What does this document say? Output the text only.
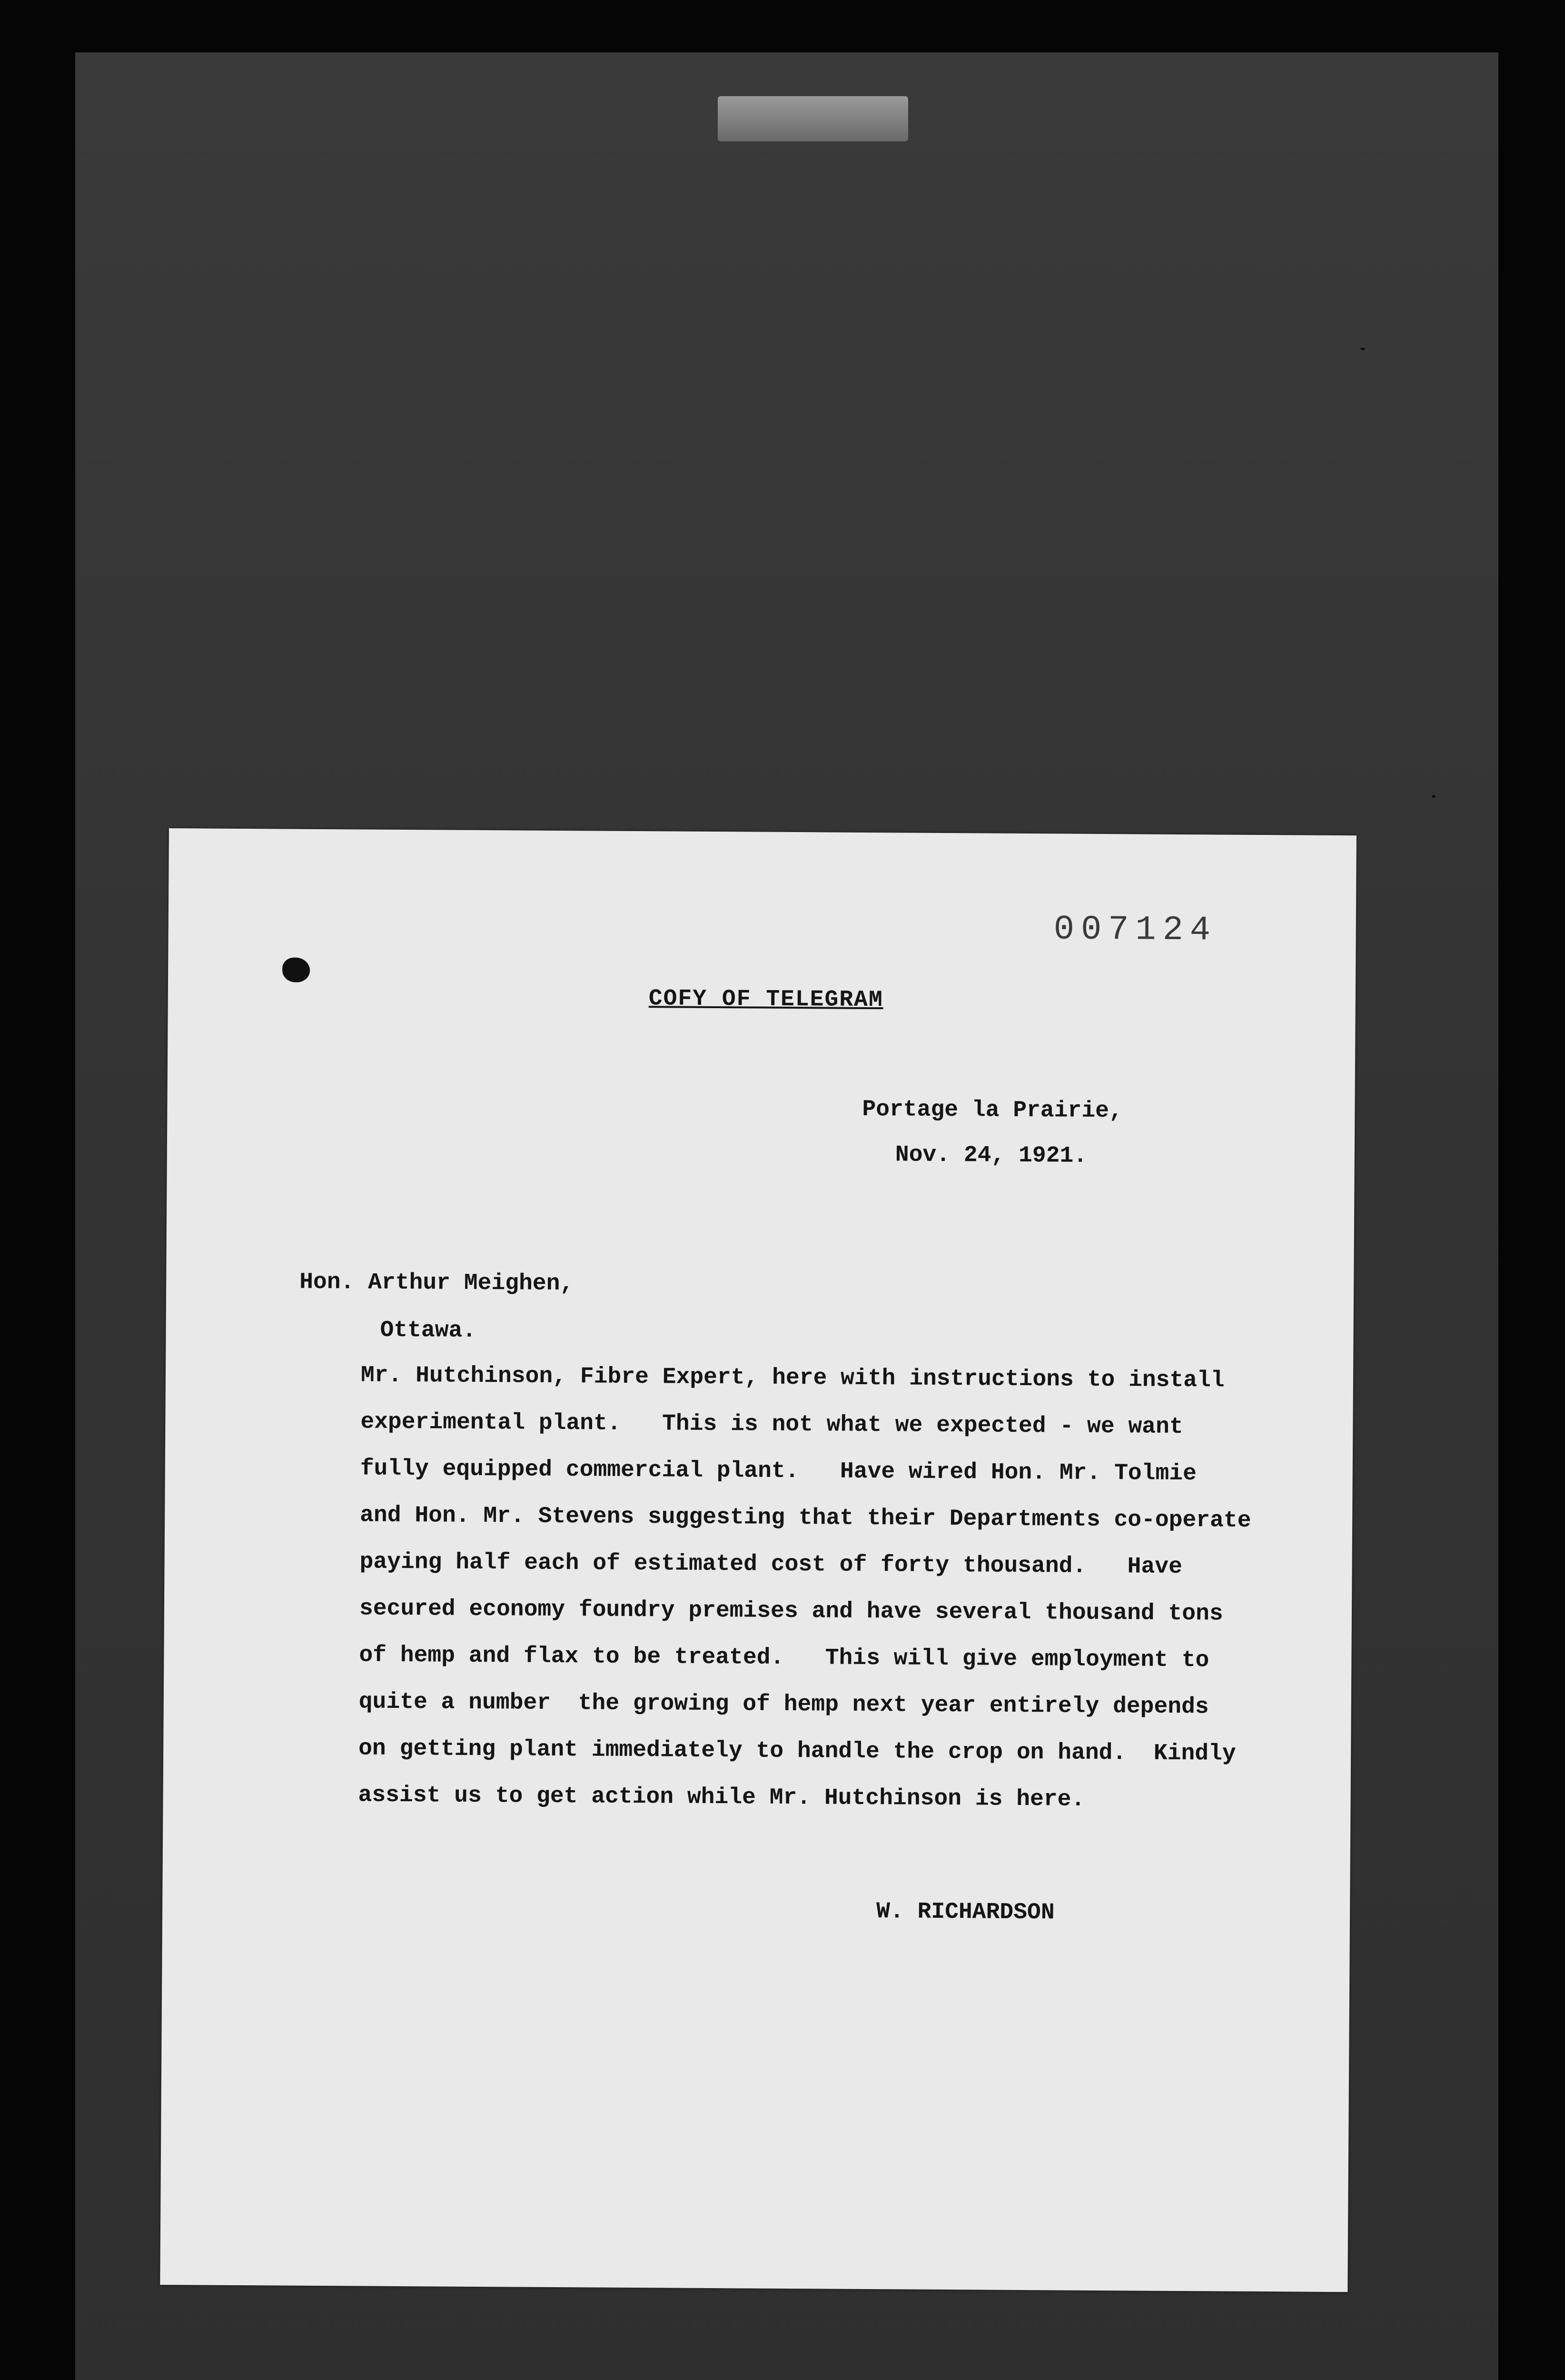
007124
COFY OF TELEGRAM
Portage la Prairie,
Nov. 24, 1921.
Hon. Arthur Meighen,
Ottawa.
Mr. Hutchinson, Fibre Expert, here with instructions to install
experimental plant.   This is not what we expected - we want
fully equipped commercial plant.   Have wired Hon. Mr. Tolmie
and Hon. Mr. Stevens suggesting that their Departments co-operate
paying half each of estimated cost of forty thousand.   Have
secured economy foundry premises and have several thousand tons
of hemp and flax to be treated.   This will give employment to
quite a number  the growing of hemp next year entirely depends
on getting plant immediately to handle the crop on hand.  Kindly
assist us to get action while Mr. Hutchinson is here.
W. RICHARDSON
